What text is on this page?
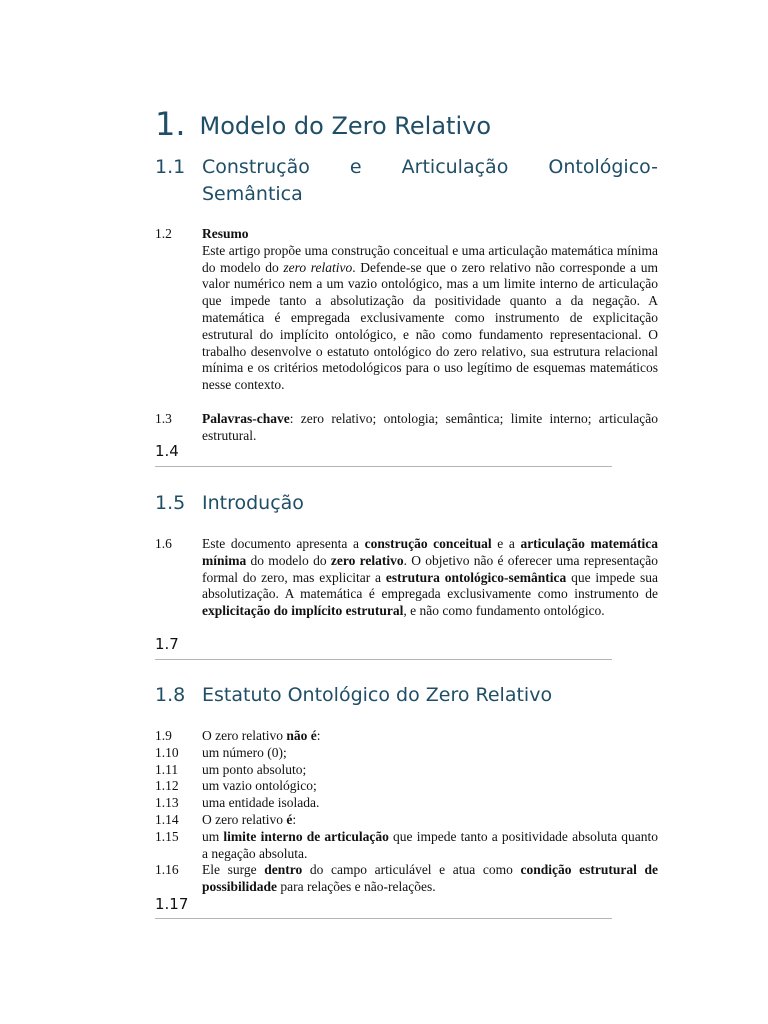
1. Modelo do Zero Relativo
1.1 Construção e Articulação Ontológico-
Semântica
1.2 Resumo
Este artigo propõe uma construção conceitual e uma articulação matemática mínima do modelo do zero relativo. Defende-se que o zero relativo não corresponde a um valor numérico nem a um vazio ontológico, mas a um limite interno de articulação que impede tanto a absolutização da positividade quanto a da negação. A matemática é empregada exclusivamente como instrumento de explicitação estrutural do implícito ontológico, e não como fundamento representacional. O trabalho desenvolve o estatuto ontológico do zero relativo, sua estrutura relacional mínima e os critérios metodológicos para o uso legítimo de esquemas matemáticos nesse contexto.
1.3 Palavras-chave: zero relativo; ontologia; semântica; limite interno; articulação estrutural.
1.4
1.5 Introdução
1.6 Este documento apresenta a construção conceitual e a articulação matemática mínima do modelo do zero relativo. O objetivo não é oferecer uma representação formal do zero, mas explicitar a estrutura ontológico-semântica que impede sua absolutização. A matemática é empregada exclusivamente como instrumento de explicitação do implícito estrutural, e não como fundamento ontológico.
1.7
1.8 Estatuto Ontológico do Zero Relativo
1.9 O zero relativo não é:
1.10 um número (0);
1.11 um ponto absoluto;
1.12 um vazio ontológico;
1.13 uma entidade isolada.
1.14 O zero relativo é:
1.15 um limite interno de articulação que impede tanto a positividade absoluta quanto a negação absoluta.
1.16 Ele surge dentro do campo articulável e atua como condição estrutural de possibilidade para relações e não-relações.
1.17
